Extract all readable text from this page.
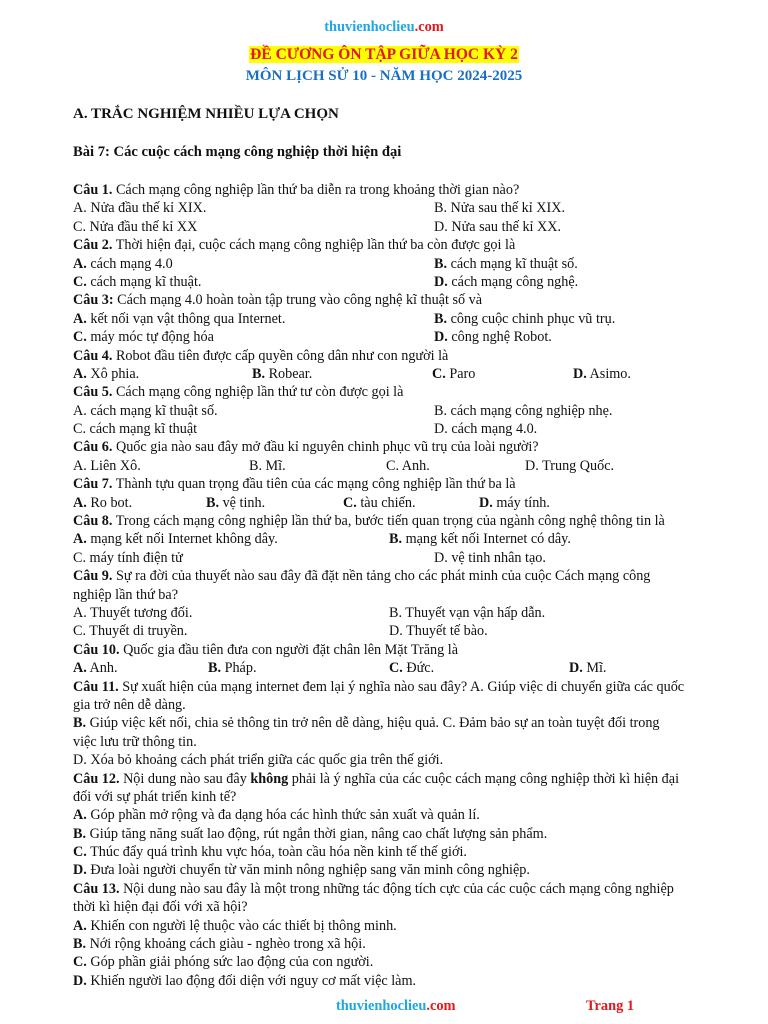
thuvienhoclieu.com
ĐỀ CƯƠNG ÔN TẬP GIỮA HỌC KỲ 2
MÔN LỊCH SỬ 10 - NĂM HỌC 2024-2025
A. TRẮC NGHIỆM NHIỀU LỰA CHỌN
Bài 7: Các cuộc cách mạng công nghiệp thời hiện đại
Câu 1. Cách mạng công nghiệp lần thứ ba diễn ra trong khoảng thời gian nào?
A. Nửa đầu thế kỉ XIX.	B. Nửa sau thế kỉ XIX.
C. Nửa đầu thế kỉ XX	D. Nửa sau thế kỉ XX.
Câu 2. Thời hiện đại, cuộc cách mạng công nghiệp lần thứ ba còn được gọi là
A. cách mạng 4.0	B. cách mạng kĩ thuật số.
C. cách mạng kĩ thuật.	D. cách mạng công nghệ.
Câu 3: Cách mạng 4.0 hoàn toàn tập trung vào công nghệ kĩ thuật số và
A. kết nối vạn vật thông qua Internet.	B. công cuộc chinh phục vũ trụ.
C. máy móc tự động hóa	D. công nghệ Robot.
Câu 4. Robot đầu tiên được cấp quyền công dân như con người là
A. Xô phia.	B. Robear.	C. Paro	D. Asimo.
Câu 5. Cách mạng công nghiệp lần thứ tư còn được gọi là
A. cách mạng kĩ thuật số.	B. cách mạng công nghiệp nhẹ.
C. cách mạng kĩ thuật	D. cách mạng 4.0.
Câu 6. Quốc gia nào sau đây mở đầu kỉ nguyên chinh phục vũ trụ của loài người?
A. Liên Xô.	B. Mĩ.	C. Anh.	D. Trung Quốc.
Câu 7. Thành tựu quan trọng đầu tiên của các mạng công nghiệp lần thứ ba là
A. Ro bot.	B. vệ tinh.	C. tàu chiến.	D. máy tính.
Câu 8. Trong cách mạng công nghiệp lần thứ ba, bước tiến quan trọng của ngành công nghệ thông tin là
A. mạng kết nối Internet không dây.	B. mạng kết nối Internet có dây.
C. máy tính điện tử	D. vệ tinh nhân tạo.
Câu 9. Sự ra đời của thuyết nào sau đây đã đặt nền tảng cho các phát minh của cuộc Cách mạng công
nghiệp lần thứ ba?
A. Thuyết tương đối.	B. Thuyết vạn vận hấp dẫn.
C. Thuyết di truyền.	D. Thuyết tế bào.
Câu 10. Quốc gia đầu tiên đưa con người đặt chân lên Mặt Trăng là
A. Anh.	B. Pháp.	C. Đức.	D. Mĩ.
Câu 11. Sự xuất hiện của mạng internet đem lại ý nghĩa nào sau đây? A. Giúp việc di chuyển giữa các quốc
gia trở nên dễ dàng.
B. Giúp việc kết nối, chia sẻ thông tin trở nên dễ dàng, hiệu quả. C. Đảm bảo sự an toàn tuyệt đối trong
việc lưu trữ thông tin.
D. Xóa bỏ khoảng cách phát triển giữa các quốc gia trên thế giới.
Câu 12. Nội dung nào sau đây không phải là ý nghĩa của các cuộc cách mạng công nghiệp thời kì hiện đại
đối với sự phát triển kinh tế?
A. Góp phần mở rộng và đa dạng hóa các hình thức sản xuất và quản lí.
B. Giúp tăng năng suất lao động, rút ngắn thời gian, nâng cao chất lượng sản phẩm.
C. Thúc đẩy quá trình khu vực hóa, toàn cầu hóa nền kinh tế thế giới.
D. Đưa loài người chuyển từ văn minh nông nghiệp sang văn minh công nghiệp.
Câu 13. Nội dung nào sau đây là một trong những tác động tích cực của các cuộc cách mạng công nghiệp
thời kì hiện đại đối với xã hội?
A. Khiến con người lệ thuộc vào các thiết bị thông minh.
B. Nới rộng khoảng cách giàu - nghèo trong xã hội.
C. Góp phần giải phóng sức lao động của con người.
D. Khiến người lao động đối diện với nguy cơ mất việc làm.
thuvienhoclieu.com	Trang 1
